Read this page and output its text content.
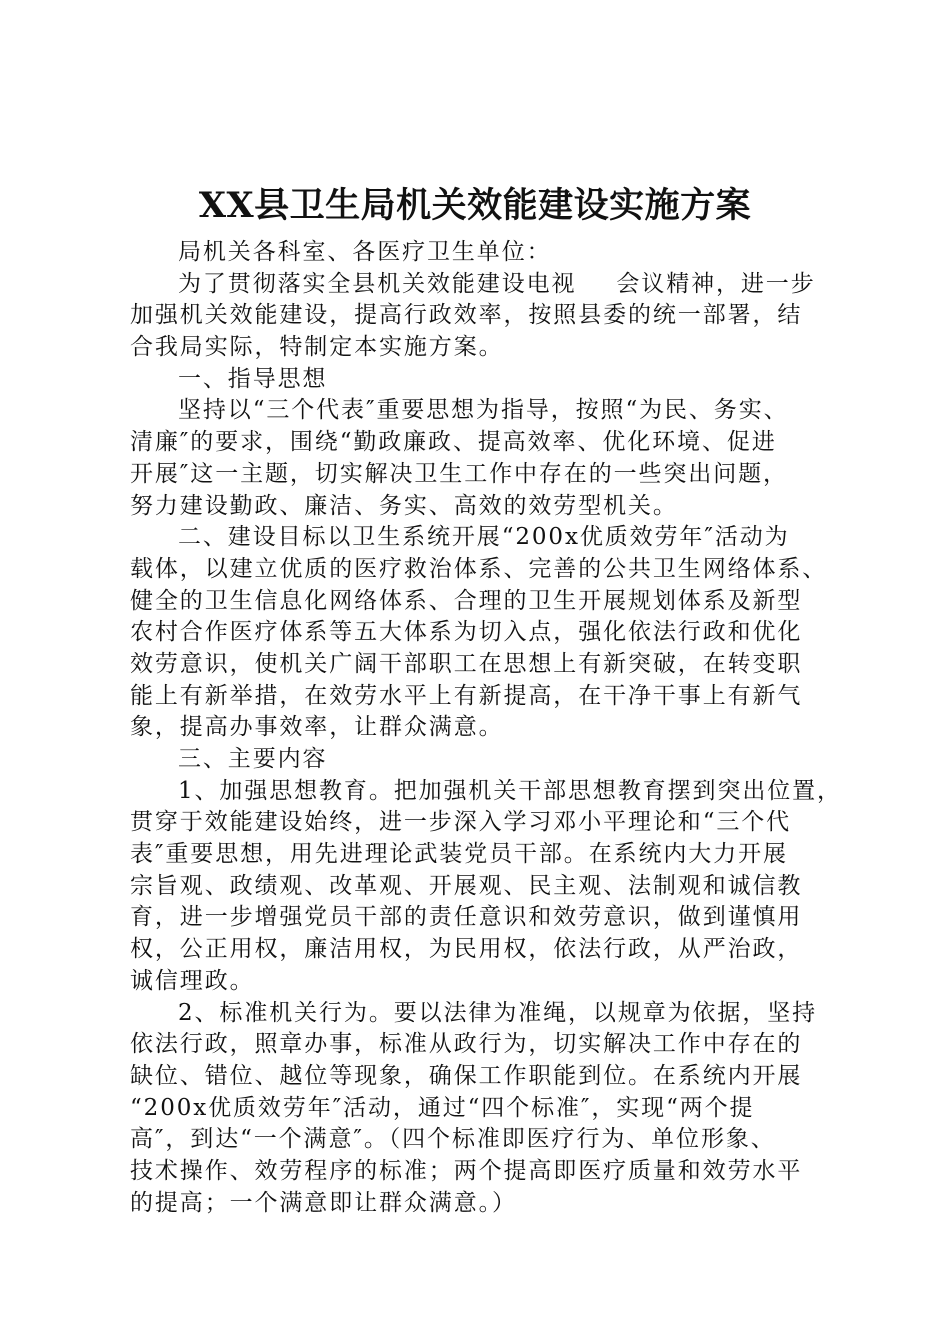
XX县卫生局机关效能建设实施方案
局机关各科室、各医疗卫生单位：
为了贯彻落实全县机关效能建设电视 会议精神，进一步
加强机关效能建设，提高行政效率，按照县委的统一部署，结
合我局实际，特制定本实施方案。
一、指导思想
坚持以“三个代表″重要思想为指导，按照“为民、务实、
清廉″的要求，围绕“勤政廉政、提高效率、优化环境、促进
开展″这一主题，切实解决卫生工作中存在的一些突出问题，
努力建设勤政、廉洁、务实、高效的效劳型机关。
二、建设目标以卫生系统开展“200x优质效劳年″活动为
载体，以建立优质的医疗救治体系、完善的公共卫生网络体系、
健全的卫生信息化网络体系、合理的卫生开展规划体系及新型
农村合作医疗体系等五大体系为切入点，强化依法行政和优化
效劳意识，使机关广阔干部职工在思想上有新突破，在转变职
能上有新举措，在效劳水平上有新提高，在干净干事上有新气
象，提高办事效率，让群众满意。
三、主要内容
1、加强思想教育。把加强机关干部思想教育摆到突出位置，
贯穿于效能建设始终，进一步深入学习邓小平理论和“三个代
表″重要思想，用先进理论武装党员干部。在系统内大力开展
宗旨观、政绩观、改革观、开展观、民主观、法制观和诚信教
育，进一步增强党员干部的责任意识和效劳意识，做到谨慎用
权，公正用权，廉洁用权，为民用权，依法行政，从严治政，
诚信理政。
2、标准机关行为。要以法律为准绳，以规章为依据，坚持
依法行政，照章办事，标准从政行为，切实解决工作中存在的
缺位、错位、越位等现象，确保工作职能到位。在系统内开展
“200x优质效劳年″活动，通过“四个标准″，实现“两个提
高″，到达“一个满意″。（四个标准即医疗行为、单位形象、
技术操作、效劳程序的标准；两个提高即医疗质量和效劳水平
的提高；一个满意即让群众满意。）
